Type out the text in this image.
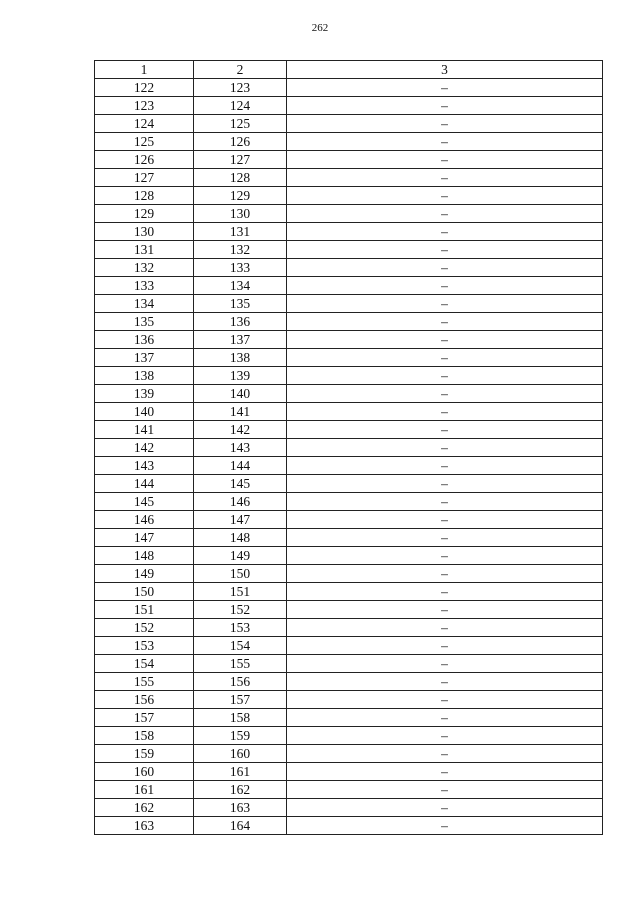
262
1	2	3
122	123	–
123	124	–
124	125	–
125	126	–
126	127	–
127	128	–
128	129	–
129	130	–
130	131	–
131	132	–
132	133	–
133	134	–
134	135	–
135	136	–
136	137	–
137	138	–
138	139	–
139	140	–
140	141	–
141	142	–
142	143	–
143	144	–
144	145	–
145	146	–
146	147	–
147	148	–
148	149	–
149	150	–
150	151	–
151	152	–
152	153	–
153	154	–
154	155	–
155	156	–
156	157	–
157	158	–
158	159	–
159	160	–
160	161	–
161	162	–
162	163	–
163	164	–
